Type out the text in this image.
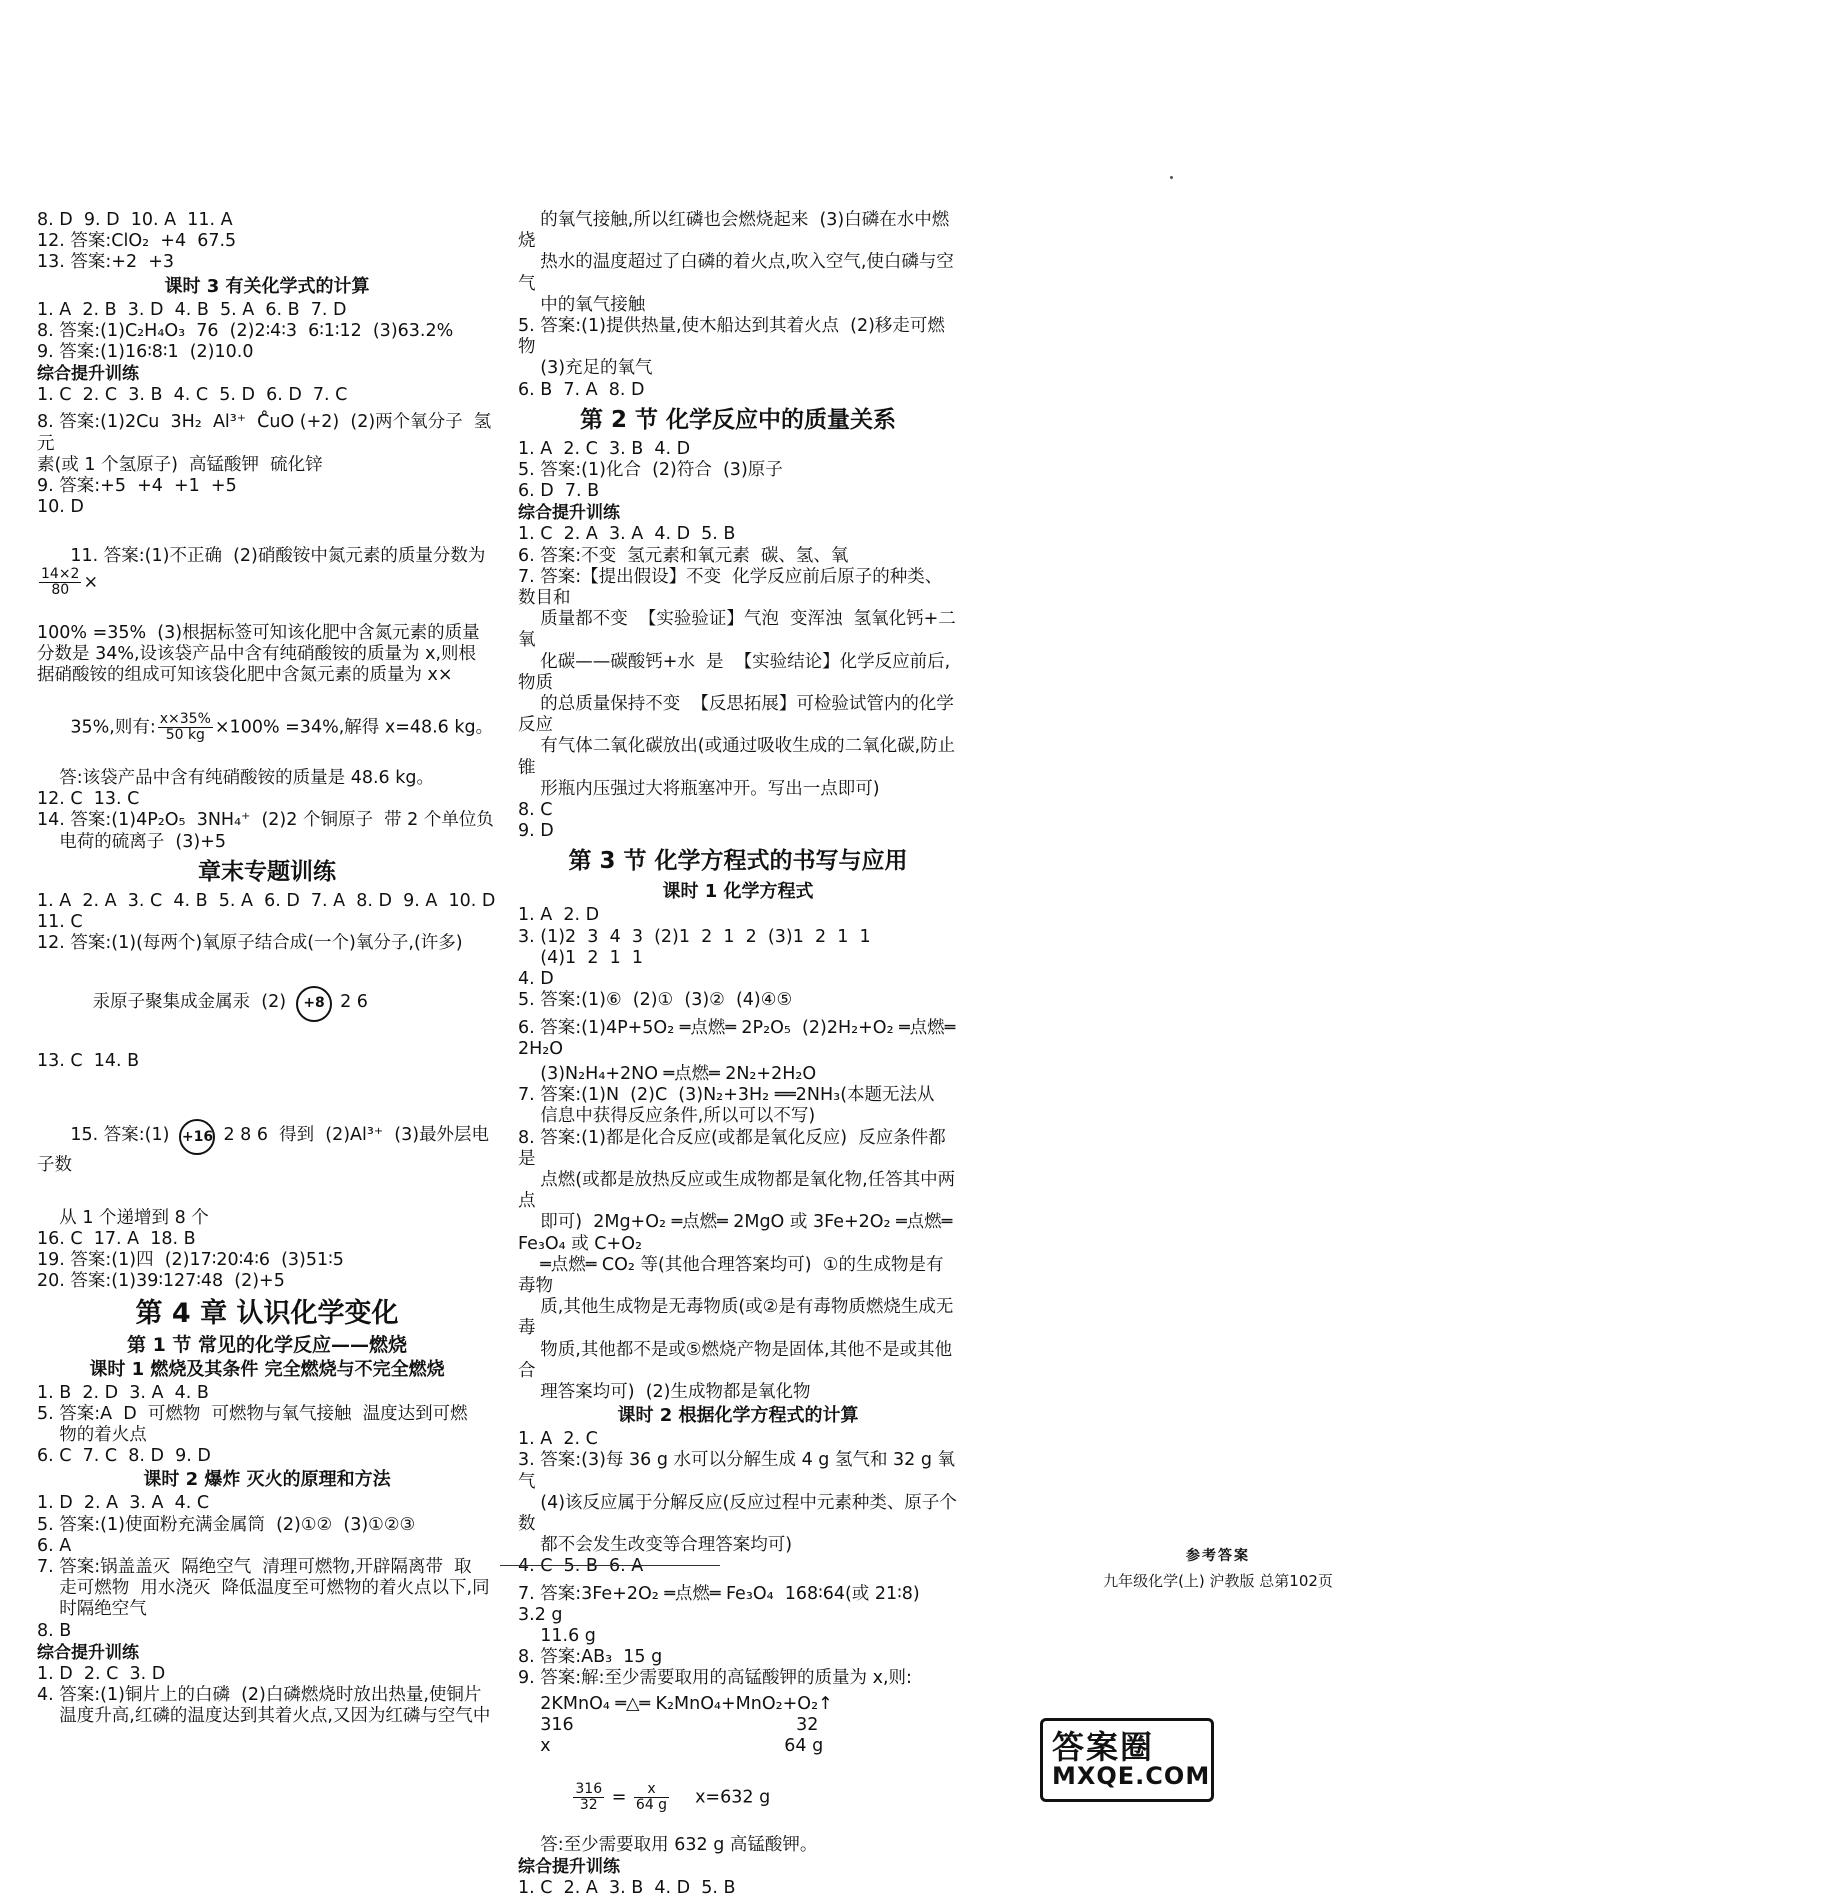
8. D  9. D  10. A  11. A
12. 答案:ClO₂  +4  67.5
13. 答案:+2  +3
课时 3 有关化学式的计算
1. A  2. B  3. D  4. B  5. A  6. B  7. D
8. 答案:(1)C₂H₄O₃  76  (2)2∶4∶3  6∶1∶12  (3)63.2%
9. 答案:(1)16∶8∶1  (2)10.0
综合提升训练
1. C  2. C  3. B  4. C  5. D  6. D  7. C
8. 答案:(1)2Cu  3H₂  Al³⁺  C̊uO (+2)  (2)两个氧分子  氢元
素(或 1 个氢原子)  高锰酸钾  硫化锌
9. 答案:+5  +4  +1  +5
10. D

11. 答案:(1)不正确  (2)硝酸铵中氮元素的质量分数为
$\frac{14\times 2}{80}$ ×

100% =35%  (3)根据标签可知该化肥中含氮元素的质量
分数是 34%,设该袋产品中含有纯硝酸铵的质量为 x,则根
据硝酸铵的组成可知该袋化肥中含氮元素的质量为 x×

35%,则有: $\frac{x\times 35\%}{50 kg} \times 100\% =34\%$,解得 x=48.6 kg。

答:该袋产品中含有纯硝酸铵的质量是 48.6 kg。
12. C  13. C
14. 答案:(1)4P₂O₅  3NH₄⁺  (2)2 个铜原子  带 2 个单位负
电荷的硫离子  (3)+5
章末专题训练
1. A  2. A  3. C  4. B  5. A  6. D  7. A  8. D  9. A  10. D
11. C
12. 答案:(1)(每两个)氧原子结合成(一个)氧分子,(许多)

汞原子聚集成金属汞  (2)	+8 2 6

13. C  14. B

15. 答案:(1) +16 2 8 6  得到  (2)Al³⁺  (3)最外层电子数

从 1 个递增到 8 个
16. C  17. A  18. B
19. 答案:(1)四  (2)17∶20∶4∶6  (3)51∶5
20. 答案:(1)39∶127∶48  (2)+5
第 4 章 认识化学变化
第 1 节 常见的化学反应——燃烧
课时 1 燃烧及其条件 完全燃烧与不完全燃烧
1. B  2. D  3. A  4. B
5. 答案:A  D  可燃物  可燃物与氧气接触  温度达到可燃
物的着火点
6. C  7. C  8. D  9. D
课时 2 爆炸 灭火的原理和方法
1. D  2. A  3. A  4. C
5. 答案:(1)使面粉充满金属筒  (2)①②  (3)①②③
6. A
7. 答案:锅盖盖灭  隔绝空气  清理可燃物,开辟隔离带  取
走可燃物  用水浇灭  降低温度至可燃物的着火点以下,同
时隔绝空气
8. B
综合提升训练
1. D  2. C  3. D
4. 答案:(1)铜片上的白磷  (2)白磷燃烧时放出热量,使铜片
温度升高,红磷的温度达到其着火点,又因为红磷与空气中
的氧气接触,所以红磷也会燃烧起来  (3)白磷在水中燃烧
热水的温度超过了白磷的着火点,吹入空气,使白磷与空气
中的氧气接触
5. 答案:(1)提供热量,使木船达到其着火点  (2)移走可燃物
(3)充足的氧气
6. B  7. A  8. D
第 2 节 化学反应中的质量关系
1. A  2. C  3. B  4. D
5. 答案:(1)化合  (2)符合  (3)原子
6. D  7. B
综合提升训练
1. C  2. A  3. A  4. D  5. B
6. 答案:不变  氢元素和氧元素  碳、氢、氧
7. 答案:【提出假设】不变  化学反应前后原子的种类、数目和
质量都不变  【实验验证】气泡  变浑浊  氢氧化钙+二氧
化碳——碳酸钙+水  是  【实验结论】化学反应前后,物质
的总质量保持不变  【反思拓展】可检验试管内的化学反应
有气体二氧化碳放出(或通过吸收生成的二氧化碳,防止锥
形瓶内压强过大将瓶塞冲开。写出一点即可)
8. C
9. D
第 3 节 化学方程式的书写与应用
课时 1 化学方程式
1. A  2. D
3. (1)2  3  4  3  (2)1  2  1  2  (3)1  2  1  1
(4)1  2  1  1
4. D
5. 答案:(1)⑥  (2)①  (3)②  (4)④⑤
6. 答案:(1)4P+5O₂ ═点燃═ 2P₂O₅  (2)2H₂+O₂ ═点燃═ 2H₂O
(3)N₂H₄+2NO ═点燃═ 2N₂+2H₂O
7. 答案:(1)N  (2)C  (3)N₂+3H₂ ══2NH₃(本题无法从
信息中获得反应条件,所以可以不写)
8. 答案:(1)都是化合反应(或都是氧化反应)  反应条件都是
点燃(或都是放热反应或生成物都是氧化物,任答其中两点
即可)  2Mg+O₂ ═点燃═ 2MgO 或 3Fe+2O₂ ═点燃═ Fe₃O₄ 或 C+O₂
═点燃═ CO₂ 等(其他合理答案均可)  ①的生成物是有毒物
质,其他生成物是无毒物质(或②是有毒物质燃烧生成无毒
物质,其他都不是或⑤燃烧产物是固体,其他不是或其他合
理答案均可)  (2)生成物都是氧化物
课时 2 根据化学方程式的计算
1. A  2. C
3. 答案:(3)每 36 g 水可以分解生成 4 g 氢气和 32 g 氧气
(4)该反应属于分解反应(反应过程中元素种类、原子个数
都不会发生改变等合理答案均可)
4. C  5. B  6. A
7. 答案:3Fe+2O₂ ═点燃═ Fe₃O₄  168∶64(或 21∶8)   3.2 g
11.6 g
8. 答案:AB₃  15 g
9. 答案:解:至少需要取用的高锰酸钾的质量为 x,则:
2KMnO₄ ═△═ K₂MnO₄+MnO₂+O₂↑
316                                        32
x                                          64 g

$\frac{316}{32} = \frac{x}{64 g} x=632$ g

答:至少需要取用 632 g 高锰酸钾。
综合提升训练
1. C  2. A  3. B  4. D  5. B
参考答案
九年级化学(上) 沪教版 总第102页
答案圈
MXQE.COM
